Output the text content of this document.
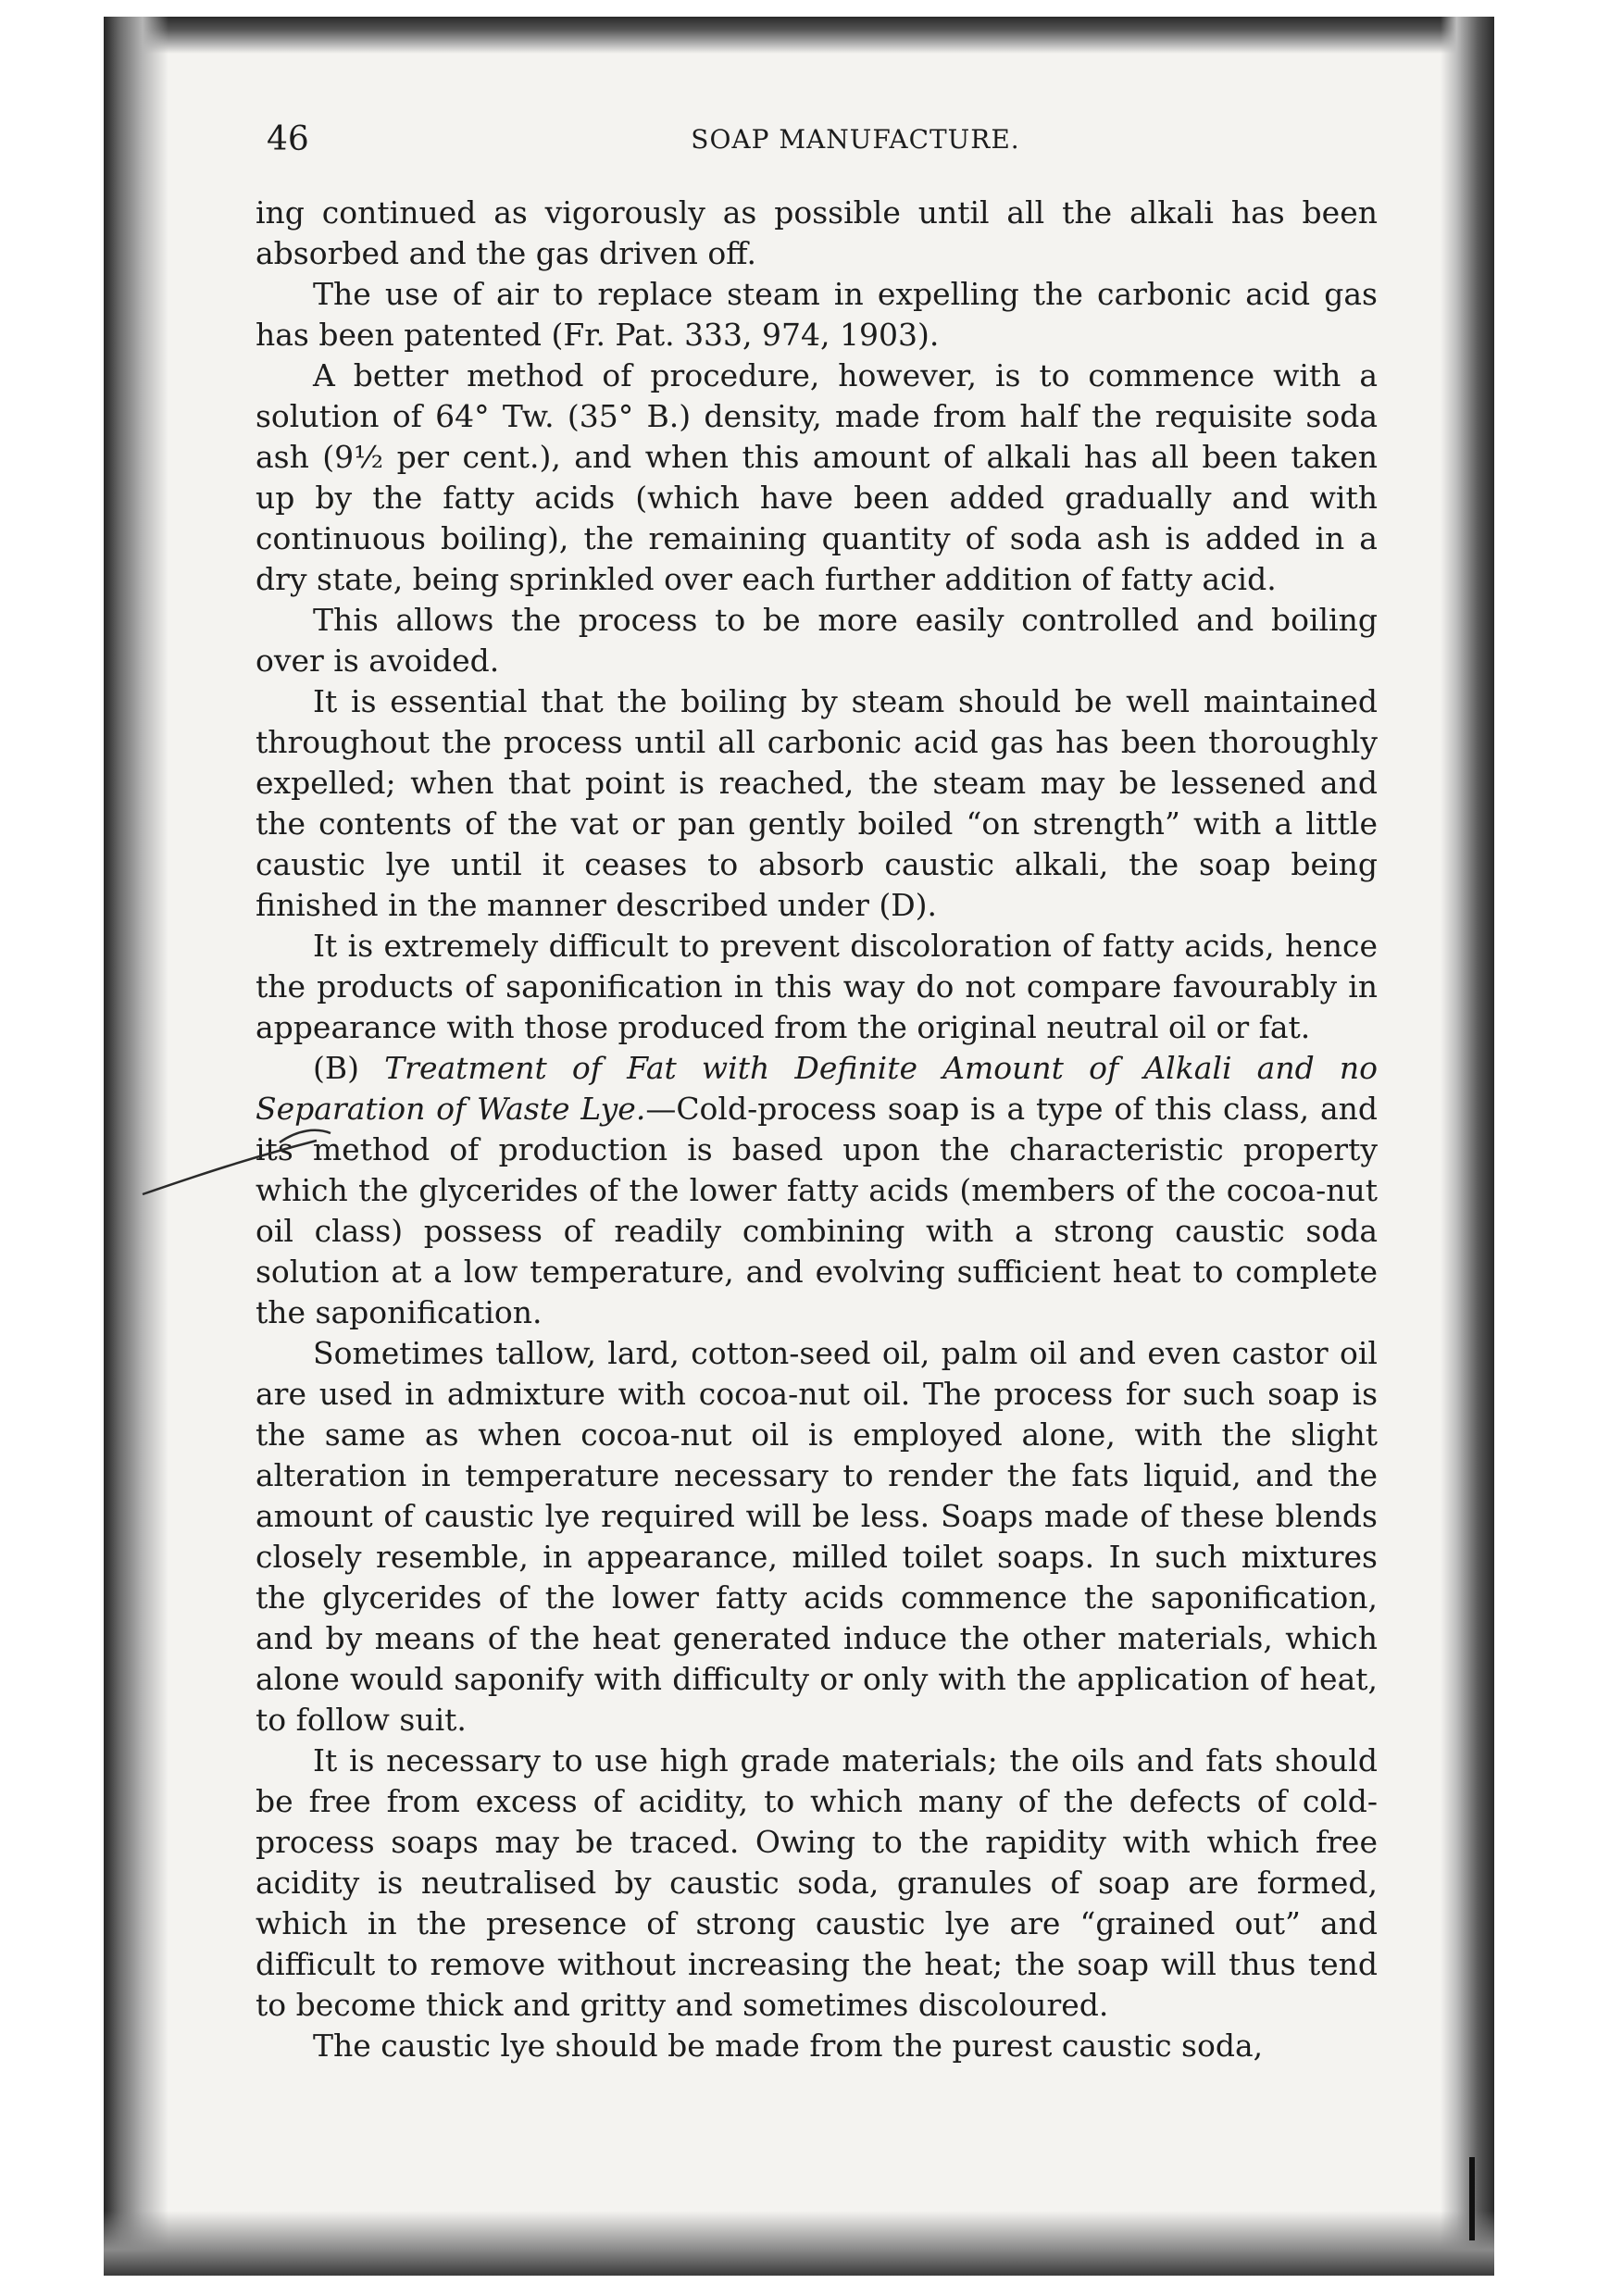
46	SOAP MANUFACTURE.

ing continued as vigorously as possible until all the alkali has been absorbed and the gas driven off.

The use of air to replace steam in expelling the carbonic acid gas has been patented (Fr. Pat. 333, 974, 1903).

A better method of procedure, however, is to commence with a solution of 64° Tw. (35° B.) density, made from half the requisite soda ash (9½ per cent.), and when this amount of alkali has all been taken up by the fatty acids (which have been added gradually and with continuous boiling), the remaining quantity of soda ash is added in a dry state, being sprinkled over each further addition of fatty acid.

This allows the process to be more easily controlled and boiling over is avoided.

It is essential that the boiling by steam should be well maintained throughout the process until all carbonic acid gas has been thoroughly expelled; when that point is reached, the steam may be lessened and the contents of the vat or pan gently boiled “on strength” with a little caustic lye until it ceases to absorb caustic alkali, the soap being finished in the manner described under (D).

It is extremely difficult to prevent discoloration of fatty acids, hence the products of saponification in this way do not compare favourably in appearance with those produced from the original neutral oil or fat.

(B) Treatment of Fat with Definite Amount of Alkali and no Separation of Waste Lye.—Cold-process soap is a type of this class, and its method of production is based upon the characteristic property which the glycerides of the lower fatty acids (members of the cocoa-nut oil class) possess of readily combining with a strong caustic soda solution at a low temperature, and evolving sufficient heat to complete the saponification.

Sometimes tallow, lard, cotton-seed oil, palm oil and even castor oil are used in admixture with cocoa-nut oil. The process for such soap is the same as when cocoa-nut oil is employed alone, with the slight alteration in temperature necessary to render the fats liquid, and the amount of caustic lye required will be less. Soaps made of these blends closely resemble, in appearance, milled toilet soaps. In such mixtures the glycerides of the lower fatty acids commence the saponification, and by means of the heat generated induce the other materials, which alone would saponify with difficulty or only with the application of heat, to follow suit.

It is necessary to use high grade materials; the oils and fats should be free from excess of acidity, to which many of the defects of cold-process soaps may be traced. Owing to the rapidity with which free acidity is neutralised by caustic soda, granules of soap are formed, which in the presence of strong caustic lye are “grained out” and difficult to remove without increasing the heat; the soap will thus tend to become thick and gritty and sometimes discoloured.

The caustic lye should be made from the purest caustic soda,
